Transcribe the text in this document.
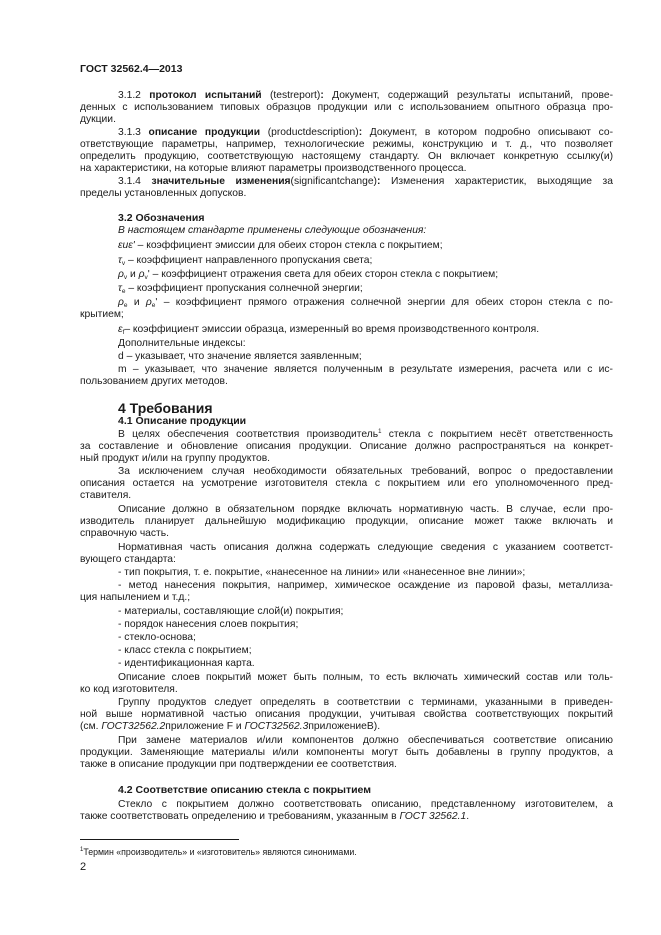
ГОСТ 32562.4—2013
3.1.2 протокол испытаний (testreport): Документ, содержащий результаты испытаний, прове-
денных с использованием типовых образцов продукции или с использованием опытного образца про-
дукции.
3.1.3 описание продукции (productdescription): Документ, в котором подробно описывают со-
ответствующие параметры, например, технологические режимы, конструкцию и т. д., что позволяет
определить продукцию, соответствующую настоящему стандарту. Он включает конкретную ссылку(и)
на характеристики, на которые влияют параметры производственного процесса.
3.1.4 значительные изменения(significantchange): Изменения характеристик, выходящие за
пределы установленных допусков.
3.2 Обозначения
В настоящем стандарте применены следующие обозначения:
εиε' – коэффициент эмиссии для обеих сторон стекла с покрытием;
$\tau_v$ – коэффициент направленного пропускания света;
$\rho_v$ и $\rho_v'$ – коэффициент отражения света для обеих сторон стекла с покрытием;
$\tau_e$ – коэффициент пропускания солнечной энергии;
$\rho_e$ и $\rho_e'$ – коэффициент прямого отражения солнечной энергии для обеих сторон стекла с по-
крытием;
$\varepsilon_f-$ коэффициент эмиссии образца, измеренный во время производственного контроля.
Дополнительные индексы:
d – указывает, что значение является заявленным;
m – указывает, что значение является полученным в результате измерения, расчета или с ис-
пользованием других методов.
4 Требования
4.1 Описание продукции
В целях обеспечения соответствия производитель$^1$ стекла с покрытием несёт ответственность
за составление и обновление описания продукции. Описание должно распространяться на конкрет-
ный продукт и/или на группу продуктов.
За исключением случая необходимости обязательных требований, вопрос о предоставлении
описания остается на усмотрение изготовителя стекла с покрытием или его уполномоченного пред-
ставителя.
Описание должно в обязательном порядке включать нормативную часть. В случае, если про-
изводитель планирует дальнейшую модификацию продукции, описание может также включать и
справочную часть.
Нормативная часть описания должна содержать следующие сведения с указанием соответст-
вующего стандарта:
- тип покрытия, т. е. покрытие, «нанесенное на линии» или «нанесенное вне линии»;
- метод нанесения покрытия, например, химическое осаждение из паровой фазы, металлиза-
ция напылением и т.д.;
- материалы, составляющие слой(и) покрытия;
- порядок нанесения слоев покрытия;
- стекло-основа;
- класс стекла с покрытием;
- идентификационная карта.
Описание слоев покрытий может быть полным, то есть включать химический состав или толь-
ко код изготовителя.
Группу продуктов следует определять в соответствии с терминами, указанными в приведен-
ной выше нормативной частью описания продукции, учитывая свойства соответствующих покрытий
(см. ГОСТ32562.2приложение F и ГОСТ32562.3приложениеВ).
При замене материалов и/или компонентов должно обеспечиваться соответствие описанию
продукции. Заменяющие материалы и/или компоненты могут быть добавлены в группу продуктов, а
также в описание продукции при подтверждении ее соответствия.
4.2 Соответствие описанию стекла с покрытием
Стекло с покрытием должно соответствовать описанию, представленному изготовителем, а
также соответствовать определению и требованиям, указанным в ГОСТ 32562.1.
$^1$Термин «производитель» и «изготовитель» являются синонимами.
2
